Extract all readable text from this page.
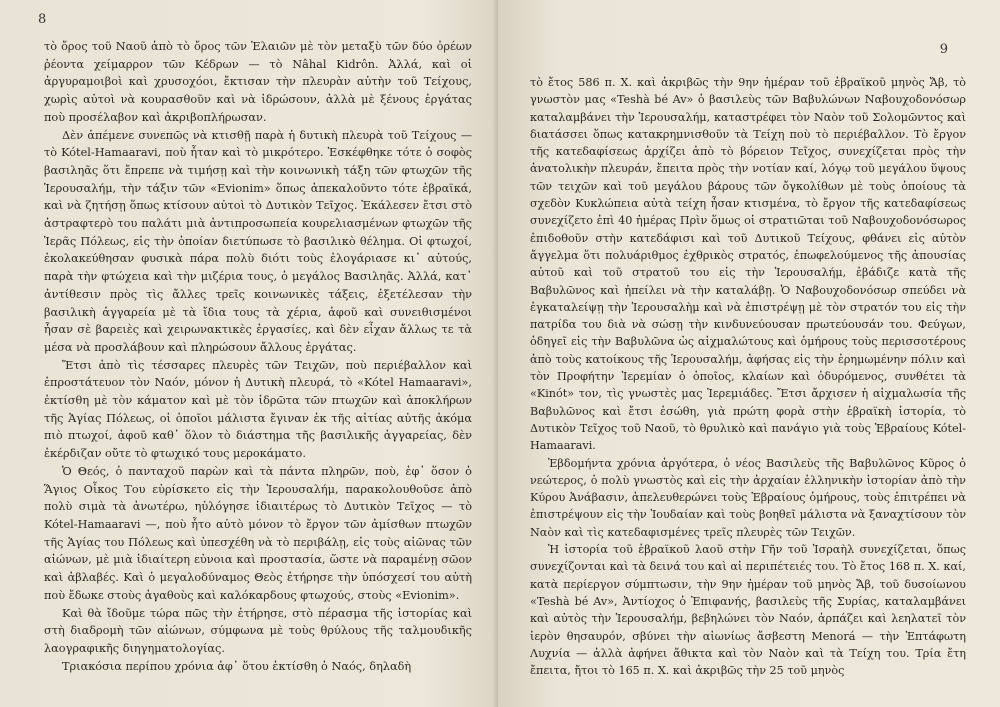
8

τὸ ὄρος τοῦ Ναοῦ ἀπὸ τὸ ὄρος τῶν Ἐλαιῶν μὲ τὸν μεταξὺ τῶν δύο ὀρέων ῥέοντα χείμαρρον τῶν Κέδρων — τὸ Nâhal Kidrôn. Ἀλλά, καὶ οἱ ἀργυραμοιβοὶ καὶ χρυσοχόοι, ἔκτισαν τὴν πλευρὰν αὐτὴν τοῦ Τείχους, χωρὶς αὐτοὶ νὰ κουρασθοῦν καὶ νὰ ἱδρώσουν, ἀλλὰ μὲ ξένους ἐργάτας ποὺ προσέλαβον καὶ ἀκριβοπλήρωσαν.

Δὲν ἀπέμενε συνεπῶς νὰ κτισθῇ παρὰ ἡ δυτικὴ πλευρὰ τοῦ Τείχους — τὸ Kótel-Hamaaravi, ποὺ ἦταν καὶ τὸ μικρότερο. Ἐσκέφθηκε τότε ὁ σοφὸς βασιληᾶς ὅτι ἔπρεπε νὰ τιμήσῃ καὶ τὴν κοινωνικὴ τάξη τῶν φτωχῶν τῆς Ἱερουσαλήμ, τὴν τάξιν τῶν «Evionim» ὅπως ἀπεκαλοῦντο τότε ἑβραϊκά, καὶ νὰ ζητήσῃ ὅπως κτίσουν αὐτοὶ τὸ Δυτικὸν Τεῖχος. Ἐκάλεσεν ἔτσι στὸ ἀστραφτερὸ του παλάτι μιὰ ἀντιπροσωπεία κουρελιασμένων φτωχῶν τῆς Ἱερᾶς Πόλεως, εἰς τὴν ὁποίαν διετύπωσε τὸ βασιλικὸ θέλημα. Οἱ φτωχοί, ἐκολακεύθησαν φυσικὰ πάρα πολὺ διότι τοὺς ἐλογάριασε κι᾽ αὐτούς, παρὰ τὴν φτώχεια καὶ τὴν μιζέρια τους, ὁ μεγάλος Βασιληᾶς. Ἀλλά, κατ᾽ ἀντίθεσιν πρὸς τὶς ἄλλες τρεῖς κοινωνικὲς τάξεις, ἐξετέλεσαν τὴν βασιλικὴ ἀγγαρεία μὲ τὰ ἴδια τους τὰ χέρια, ἀφοῦ καὶ συνειθισμένοι ἦσαν σὲ βαρειὲς καὶ χειρωνακτικὲς ἐργασίες, καὶ δὲν εἶχαν ἄλλως τε τὰ μέσα νὰ προσλάβουν καὶ πληρώσουν ἄλλους ἐργάτας.

Ἔτσι ἀπὸ τὶς τέσσαρες πλευρὲς τῶν Τειχῶν, ποὺ περιέβαλλον καὶ ἐπροστάτευον τὸν Ναόν, μόνον ἡ Δυτικὴ πλευρά, τὸ «Kótel Hamaaravi», ἐκτίσθη μὲ τὸν κάματον καὶ μὲ τὸν ἱδρῶτα τῶν πτωχῶν καὶ ἀποκλήρων τῆς Ἁγίας Πόλεως, οἱ ὁποῖοι μάλιστα ἔγιναν ἐκ τῆς αἰτίας αὐτῆς ἀκόμα πιὸ πτωχοί, ἀφοῦ καθ᾽ ὅλον τὸ διάστημα τῆς βασιλικῆς ἀγγαρείας, δὲν ἐκέρδιζαν οὔτε τὸ φτωχικό τους μεροκάματο.

Ὁ Θεός, ὁ πανταχοῦ παρὼν καὶ τὰ πάντα πληρῶν, ποὺ, ἐφ᾽ ὅσον ὁ Ἅγιος Οἶκος Του εὑρίσκετο εἰς τὴν Ἱερουσαλήμ, παρακολουθοῦσε ἀπὸ πολὺ σιμὰ τὰ ἀνωτέρω, ηὐλόγησε ἰδιαιτέρως τὸ Δυτικὸν Τεῖχος — τὸ Kótel-Hamaaravi —, ποὺ ἦτο αὐτὸ μόνον τὸ ἔργον τῶν ἀμίσθων πτωχῶν τῆς Ἁγίας του Πόλεως καὶ ὑπεσχέθη νὰ τὸ περιβάλῃ, εἰς τοὺς αἰῶνας τῶν αἰώνων, μὲ μιὰ ἰδιαίτερη εὐνοια καὶ προστασία, ὥστε νὰ παραμένῃ σῶον καὶ ἀβλαβές. Καὶ ὁ μεγαλοδύναμος Θεὸς ἐτήρησε τὴν ὑπόσχεσί του αὐτὴ ποὺ ἔδωκε στοὺς ἀγαθοὺς καὶ καλόκαρδους φτωχούς, στοὺς «Evionim».

Καὶ θὰ ἴδοῦμε τώρα πῶς τὴν ἐτήρησε, στὸ πέρασμα τῆς ἱστορίας καὶ στὴ διαδρομὴ τῶν αἰώνων, σύμφωνα μὲ τοὺς θρύλους τῆς ταλμουδικῆς λαογραφικῆς διηγηματολογίας.

Τριακόσια περίπου χρόνια ἀφ᾽ ὅτου ἐκτίσθη ὁ Ναός, δηλαδὴ

9

τὸ ἔτος 586 π. Χ. καὶ ἀκριβῶς τὴν 9ην ἡμέραν τοῦ ἑβραϊκοῦ μηνὸς Ἄβ, τὸ γνωστὸν μας «Teshà bé Av» ὁ βασιλεὺς τῶν Βαβυλώνων Ναβουχοδονόσωρ καταλαμβάνει τὴν Ἱερουσαλήμ, καταστρέφει τὸν Ναὸν τοῦ Σολομῶντος καὶ διατάσσει ὅπως κατακρημνισθοῦν τὰ Τείχη ποὺ τὸ περιέβαλλον. Τὸ ἔργον τῆς κατεδαφίσεως ἀρχίζει ἀπὸ τὸ βόρειον Τεῖχος, συνεχίζεται πρὸς τὴν ἀνατολικὴν πλευράν, ἔπειτα πρὸς τὴν νοτίαν καί, λόγῳ τοῦ μεγάλου ὕψους τῶν τειχῶν καὶ τοῦ μεγάλου βάρους τῶν ὄγκολίθων μὲ τοὺς ὁποίους τὰ σχεδὸν Κυκλώπεια αὐτὰ τείχη ἦσαν κτισμένα, τὸ ἔργον τῆς κατεδαφίσεως συνεχίζετο ἐπὶ 40 ἡμέρας Πρὶν ὅμως οἱ στρατιῶται τοῦ Ναβουχοδονόσωρος ἐπιδοθοῦν στὴν κατεδάφισι καὶ τοῦ Δυτικοῦ Τείχους, φθάνει εἰς αὐτὸν ἄγγελμα ὅτι πολυάριθμος ἐχθρικὸς στρατός, ἐπωφελούμενος τῆς ἀπουσίας αὐτοῦ καὶ τοῦ στρατοῦ του εἰς τὴν Ἱερουσαλήμ, ἐβάδιζε κατὰ τῆς Βαβυλῶνος καὶ ἠπείλει νὰ τὴν καταλάβῃ. Ὁ Ναβουχοδονόσωρ σπεύδει νὰ ἐγκαταλείψῃ τὴν Ἱερουσαλὴμ καὶ νὰ ἐπιστρέψῃ μὲ τὸν στρατόν του εἰς τὴν πατρίδα του διὰ νὰ σώσῃ τὴν κινδυνεύουσαν πρωτεύουσάν του. Φεύγων, ὁδηγεῖ εἰς τὴν Βαβυλῶνα ὡς αἰχμαλώτους καὶ ὁμήρους τοὺς περισσοτέρους ἀπὸ τοὺς κατοίκους τῆς Ἱερουσαλήμ, ἀφήσας εἰς τὴν ἐρημωμένην πόλιν καὶ τὸν Προφήτην Ἱερεμίαν ὁ ὁποῖος, κλαίων καὶ ὀδυρόμενος, συνθέτει τὰ «Kinót» τον, τὶς γνωστὲς μας Ἱερεμιάδες. Ἔτσι ἄρχισεν ἡ αἰχμαλωσία τῆς Βαβυλῶνος καὶ ἔτσι ἐσώθη, γιὰ πρώτη φορὰ στὴν ἑβραϊκὴ ἱστορία, τὸ Δυτικὸν Τεῖχος τοῦ Ναοῦ, τὸ θρυλικὸ καὶ πανάγιο γιὰ τοὺς Ἑβραίους Kótel-Hamaaravi.

Ἑβδομήντα χρόνια ἀργότερα, ὁ νέος Βασιλεὺς τῆς Βαβυλῶνος Κῦρος ὁ νεώτερος, ὁ πολὺ γνωστὸς καὶ εἰς τὴν ἀρχαίαν ἑλληνικὴν ἱστορίαν ἀπὸ τὴν Κύρου Ἀνάβασιν, ἀπελευθερώνει τοὺς Ἑβραίους ὁμήρους, τοὺς ἐπιτρέπει νὰ ἐπιστρέψουν εἰς τὴν Ἰουδαίαν καὶ τοὺς βοηθεῖ μάλιστα νὰ ξαναχτίσουν τὸν Ναὸν καὶ τὶς κατεδαφισμένες τρεῖς πλευρὲς τῶν Τειχῶν.

Ἡ ἱστορία τοῦ ἑβραϊκοῦ λαοῦ στὴν Γῆν τοῦ Ἰσραὴλ συνεχίζεται, ὅπως συνεχίζονται καὶ τὰ δεινά του καὶ αἱ περιπέτειές του. Τὸ ἔτος 168 π. Χ. καί, κατὰ περίεργον σύμπτωσιν, τὴν 9ην ἡμέραν τοῦ μηνὸς Ἄβ, τοῦ δυσοίωνου «Teshà bé Av», Ἀντίοχος ὁ Ἐπιφανής, βασιλεὺς τῆς Συρίας, καταλαμβάνει καὶ αὐτὸς τὴν Ἱερουσαλήμ, βεβηλώνει τὸν Ναόν, ἁρπάζει καὶ λεηλατεῖ τὸν ἱερὸν θησαυρόν, σβύνει τὴν αἰωνίως ἄσβεστη Menorá — τὴν Ἑπτάφωτη Λυχνία — ἀλλὰ ἀφήνει ἄθικτα καὶ τὸν Ναὸν καὶ τὰ Τείχη του. Τρία ἔτη ἔπειτα, ἤτοι τὸ 165 π. Χ. καὶ ἀκριβῶς τὴν 25 τοῦ μηνὸς
